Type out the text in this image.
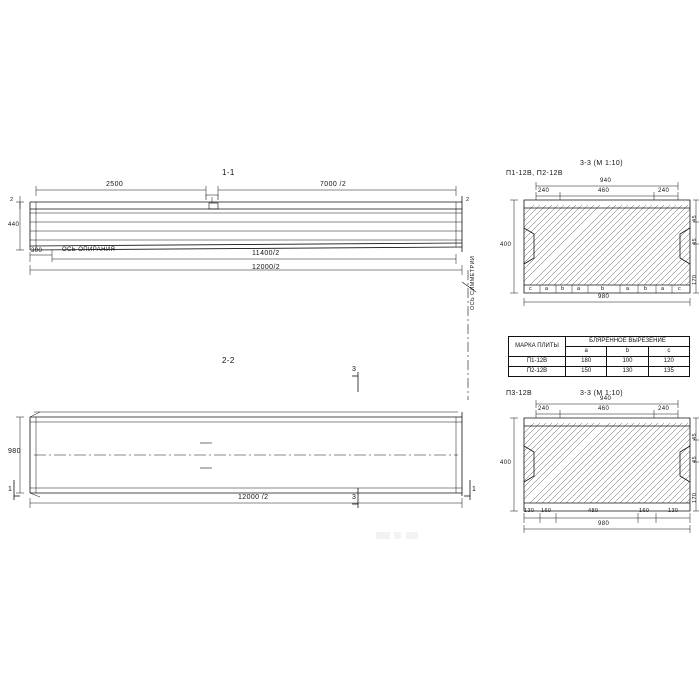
1-1
2500	7000 /2
11400/2
12000/2
300	ОСЬ ОПИРАНИЯ
440
2	2
ОСЬ СИММЕТРИИ
2-2
980
12000 /2
3
3
1	1
П1-12В, П2-12В
3-3 (М 1:10)
240	460	240
940
980
400
45
45
170
c a b a	b	a	b a c
П3-12В	3-3 (М 1:10)
240	460	240
940
400
45
45
170
130 160	480	160	130
980
МАРКА ПЛИТЫ	БЛЯРЕННОЕ ВЫРЕЗЕНИЕ		
	a	b	c
П1-12В	180	100	120
П2-12В	150	130	135
